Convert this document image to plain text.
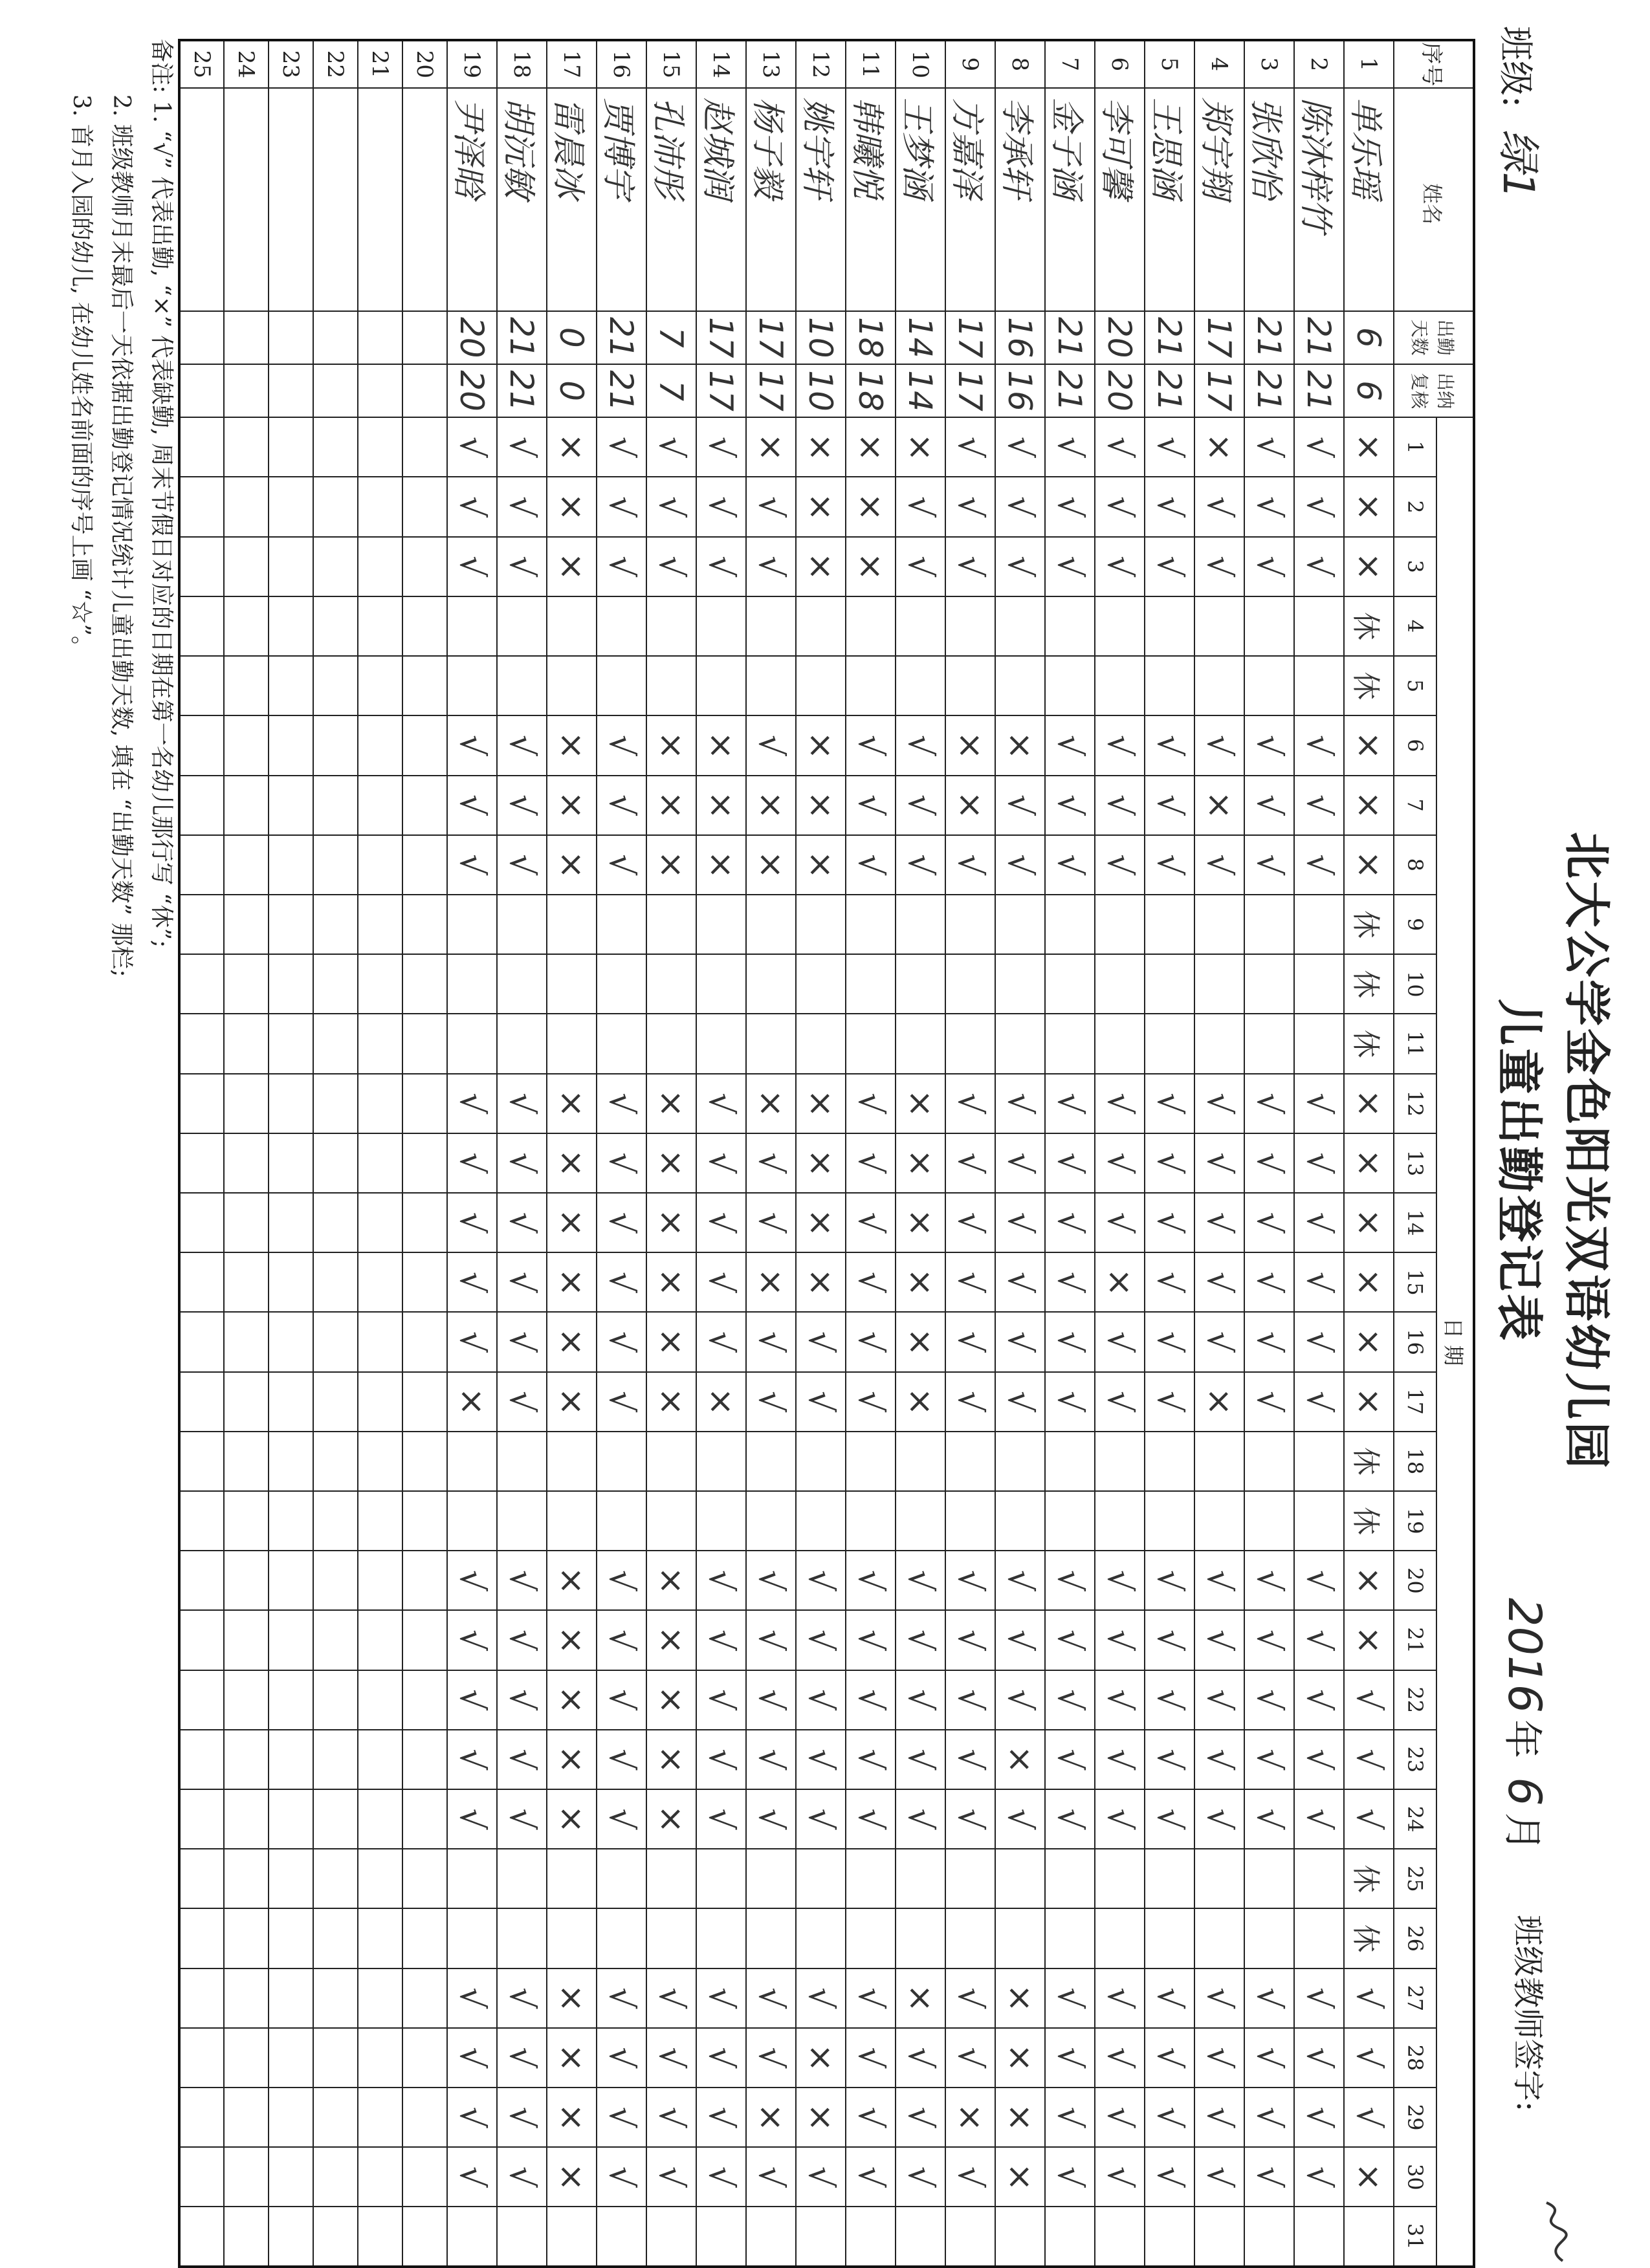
北大公学金色阳光双语幼儿园 儿童出勤登记表
班级: 绿1
2016年 6月
班级教师签字:
序号	姓名	出勤天数	出纳复核	日 期																														
				1	2	3	4	5	6	7	8	9	10	11	12	13	14	15	16	17	18	19	20	21	22	23	24	25	26	27	28	29	30	31
1	单乐瑶	6	6	×	×	×	休	休	×	×	×	休	休	休	×	×	×	×	×	×	休	休	×	×	√	√	√	休	休	√	√	√	×	
2	陈沐梓竹	21	21	√	√	√			√	√	√				√	√	√	√	√	√			√	√	√	√	√			√	√	√	√	
3	张欣怡	21	21	√	√	√			√	√	√				√	√	√	√	√	√			√	√	√	√	√			√	√	√	√	
4	郑宇翔	17	17	×	√	√			√	×	√				√	√	√	√	√	×			√	√	√	√	√			√	√	√	√	
5	王思涵	21	21	√	√	√			√	√	√				√	√	√	√	√	√			√	√	√	√	√			√	√	√	√	
6	李可馨	20	20	√	√	√			√	√	√				√	√	√	×	√	√			√	√	√	√	√			√	√	√	√	
7	金子涵	21	21	√	√	√			√	√	√				√	√	√	√	√	√			√	√	√	√	√			√	√	√	√	
8	李承轩	16	16	√	√	√			×	√	√				√	√	√	√	√	√			√	√	√	×	√			×	×	×	×	
9	方嘉泽	17	17	√	√	√			×	×	√				√	√	√	√	√	√			√	√	√	√	√			√	√	×	√	
10	王梦涵	14	14	×	√	√			√	√	√				×	×	×	×	×	×			√	√	√	√	√			×	√	√	√	
11	韩曦悦	18	18	×	×	×			√	√	√				√	√	√	√	√	√			√	√	√	√	√			√	√	√	√	
12	姚宇轩	10	10	×	×	×			×	×	×				×	×	×	×	√	√			√	√	√	√	√			√	×	×	√	
13	杨子毅	17	17	×	√	√			√	×	×				×	√	√	×	√	√			√	√	√	√	√			√	√	×	√	
14	赵城润	17	17	√	√	√			×	×	×				√	√	√	√	√	×			√	√	√	√	√			√	√	√	√	
15	孔沛彤	7	7	√	√	√			×	×	×				×	×	×	×	×	×			×	×	×	×	×			√	√	√	√	
16	贾博宇	21	21	√	√	√			√	√	√				√	√	√	√	√	√			√	√	√	√	√			√	√	√	√	
17	雷晨冰	0	0	×	×	×			×	×	×				×	×	×	×	×	×			×	×	×	×	×			×	×	×	×	
18	胡沅敏	21	21	√	√	√			√	√	√				√	√	√	√	√	√			√	√	√	√	√			√	√	√	√	
19	尹泽晗	20	20	√	√	√			√	√	√				√	√	√	√	√	×			√	√	√	√	√			√	√	√	√	
20																																		
21																																		
22																																		
23																																		
24																																		
25																																		
备注: 1. “√” 代表出勤, “×” 代表缺勤, 周末节假日对应的日期在第一名幼儿那行写 “休”;
2. 班级教师月末最后一天依据出勤登记情况统计儿童出勤天数, 填在 “出勤天数” 那栏;
3. 首月入园的幼儿, 在幼儿姓名前面的序号上画 “☆”。
